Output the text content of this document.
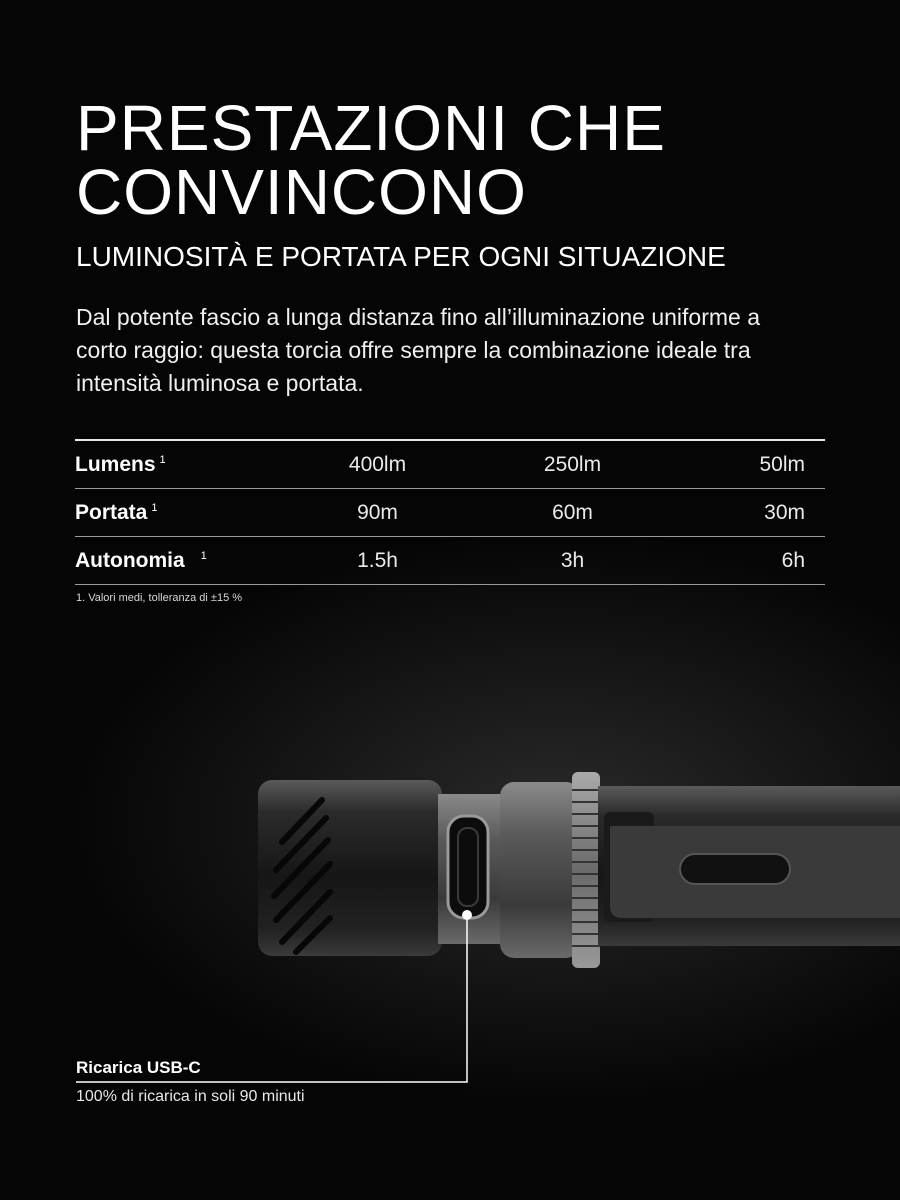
PRESTAZIONI CHE CONVINCONO
LUMINOSITÀ E PORTATA PER OGNI SITUAZIONE

Dal potente fascio a lunga distanza fino all’illuminazione uniforme a corto raggio: questa torcia offre sempre la combinazione ideale tra intensità luminosa e portata.

Lumens $^1$	400lm	250lm	50lm
Portata $^1$	90m	60m	30m
Autonomia $^1$	1.5h	3h	6h

1. Valori medi, tolleranza di ±15 %

Ricarica USB-C

100% di ricarica in soli 90 minuti
